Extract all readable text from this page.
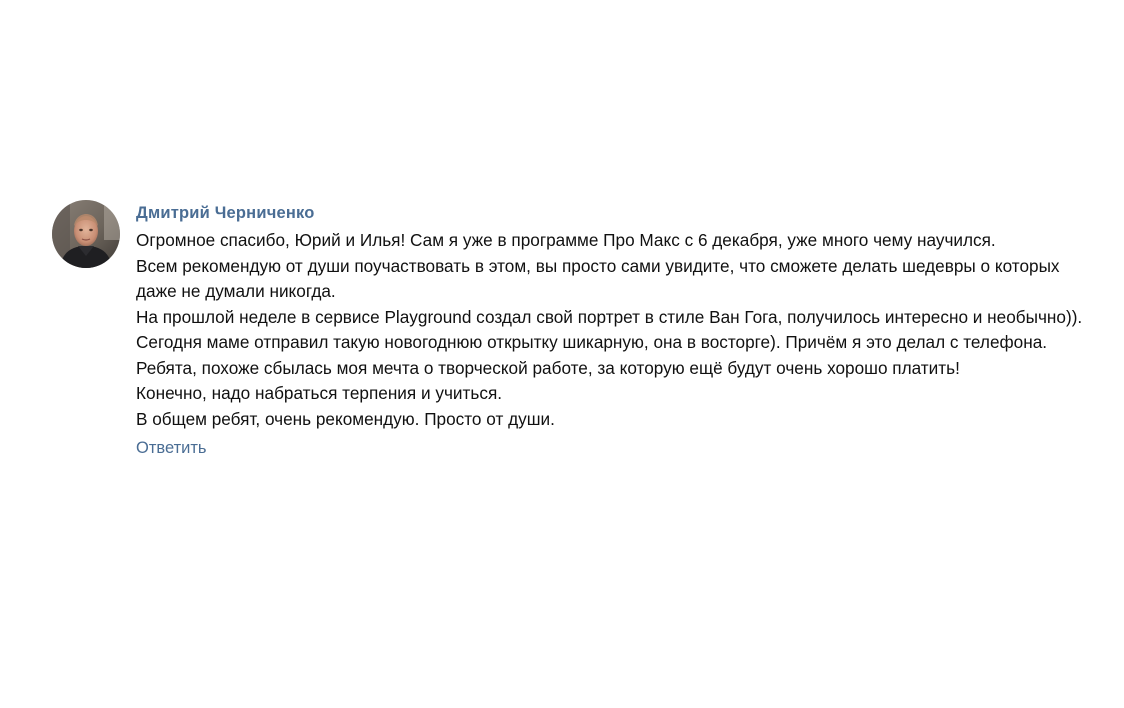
Дмитрий Черниченко
Огромное спасибо, Юрий и Илья! Сам я уже в программе Про Макс с 6 декабря, уже много чему научился.
Всем рекомендую от души поучаствовать в этом, вы просто сами увидите, что сможете делать шедевры о которых даже не думали никогда.
На прошлой неделе в сервисе Playground создал свой портрет в стиле Ван Гога, получилось интересно и необычно)).
Сегодня маме отправил такую новогоднюю открытку шикарную, она в восторге). Причём я это делал с телефона.
Ребята, похоже сбылась моя мечта о творческой работе, за которую ещё будут очень хорошо платить!
Конечно, надо набраться терпения и учиться.
В общем ребят, очень рекомендую. Просто от души.
Ответить
